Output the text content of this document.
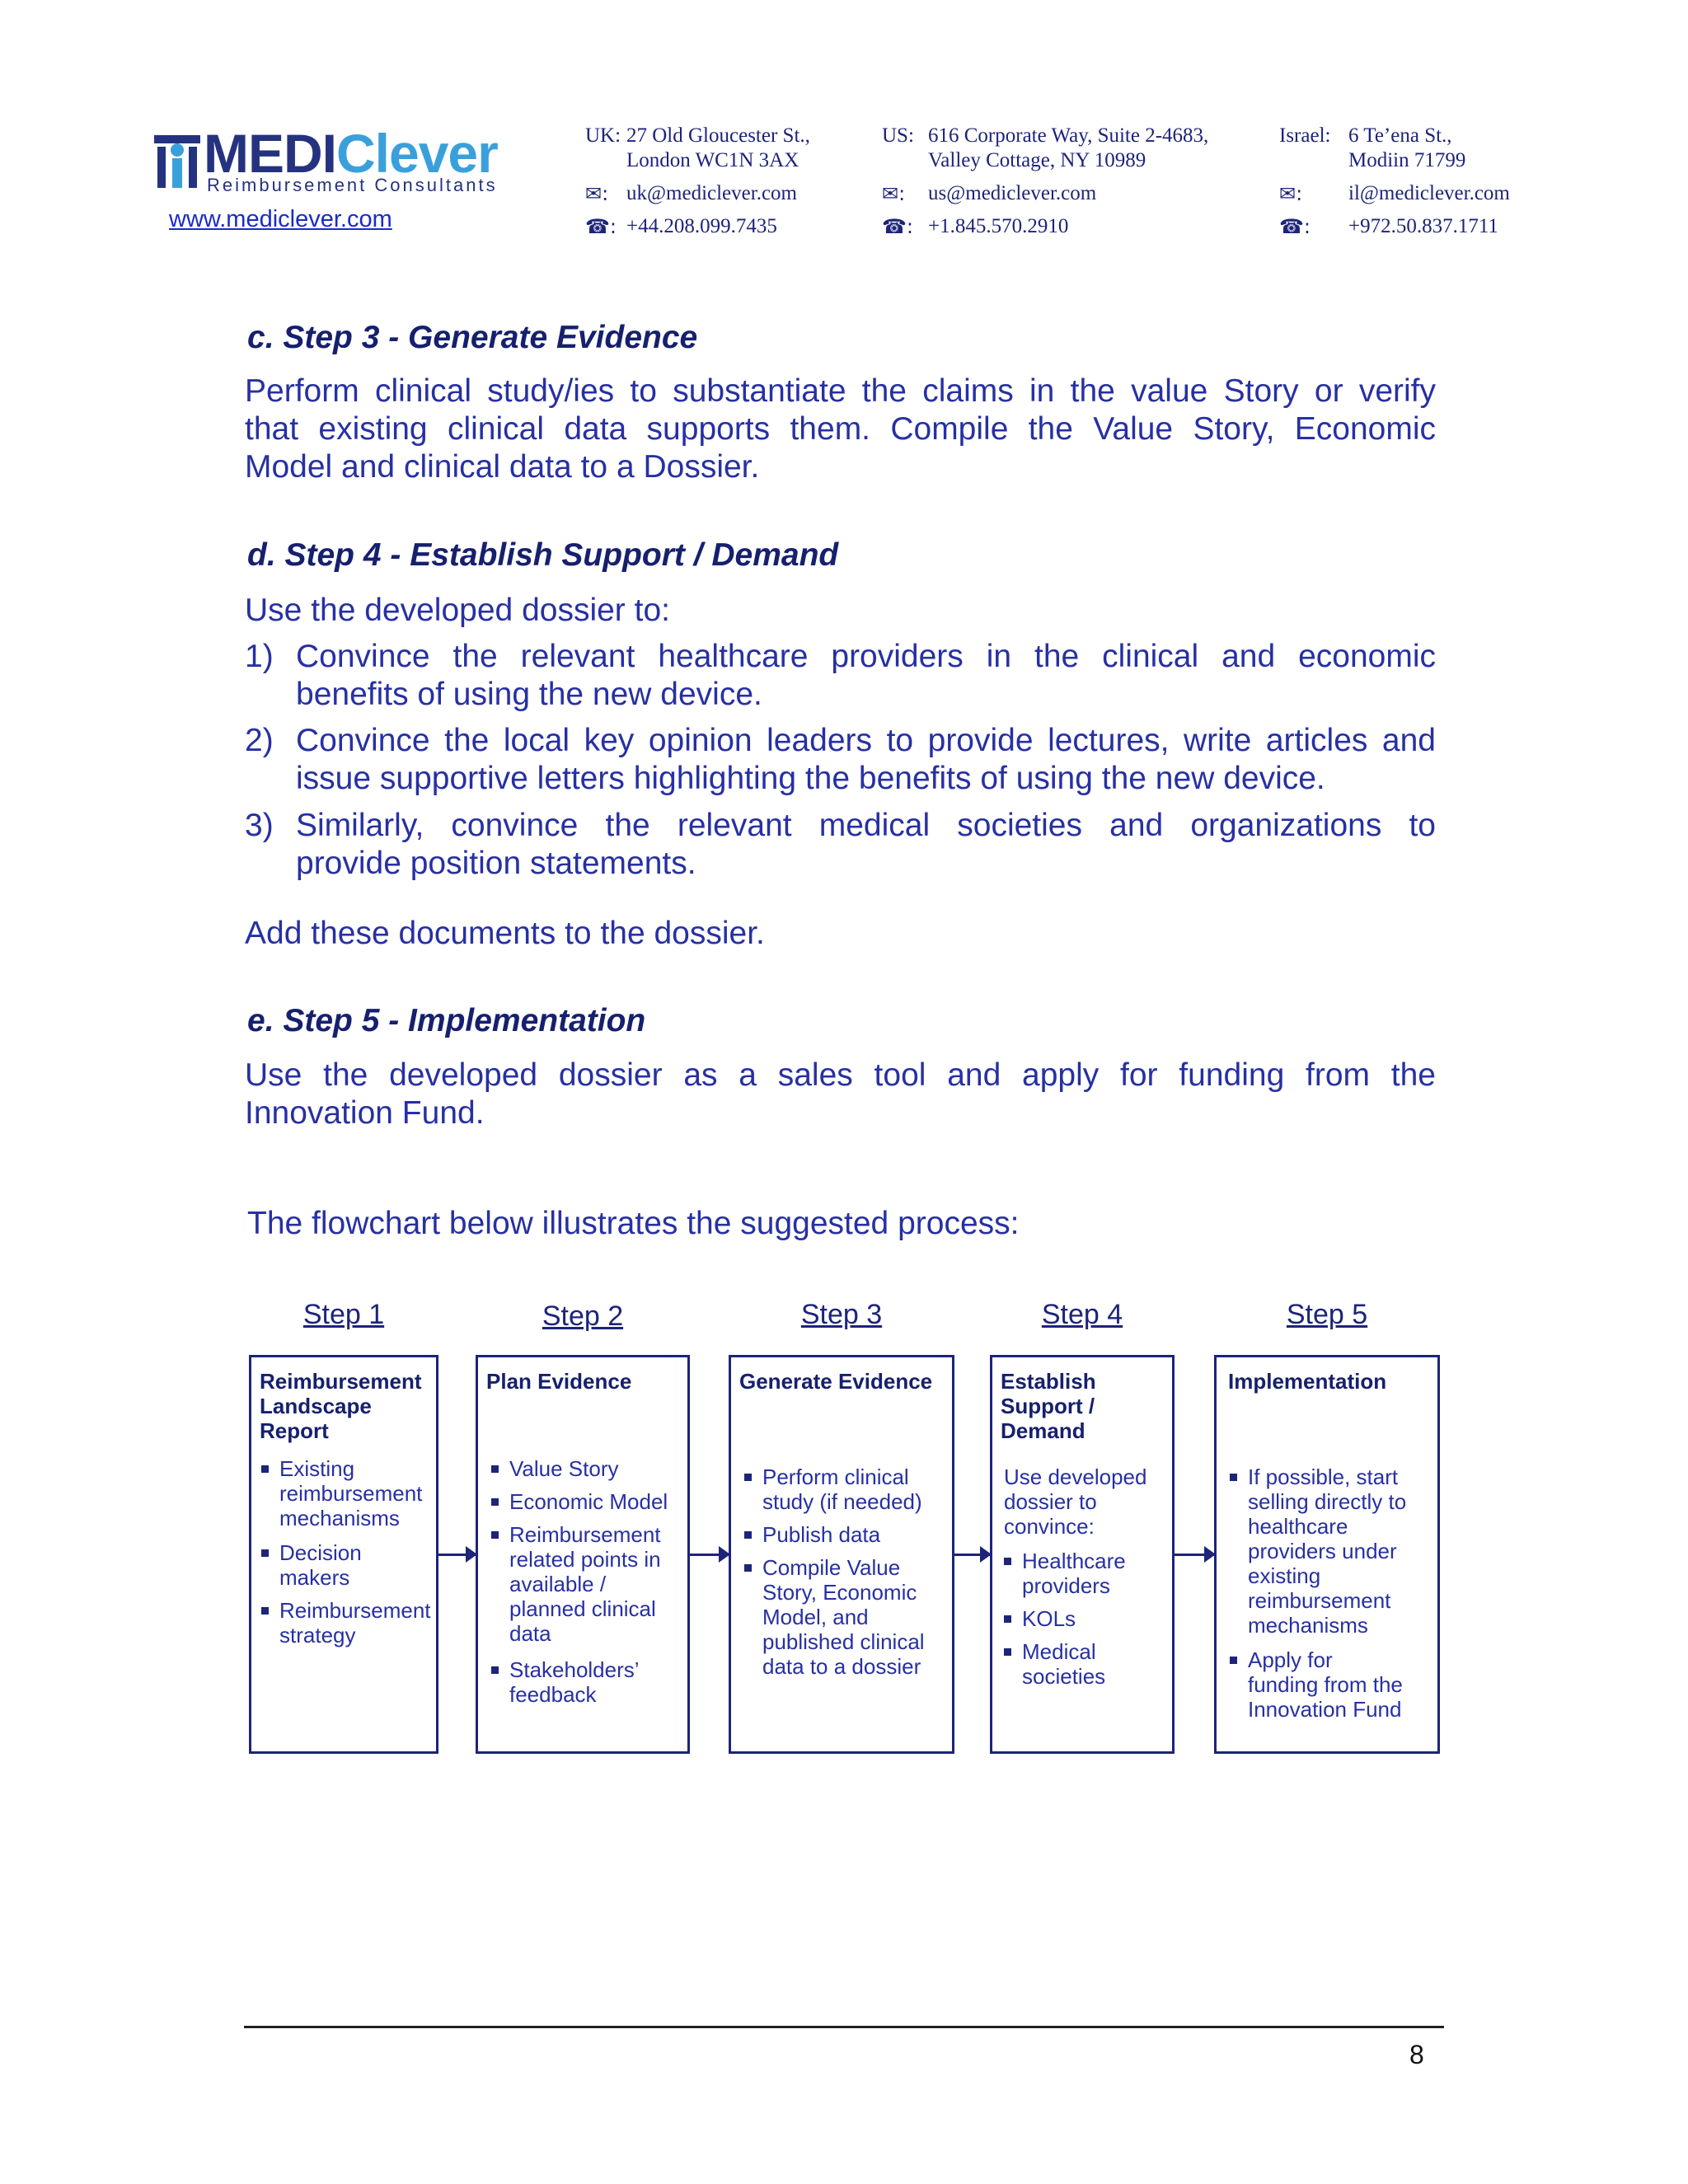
MEDIClever
Reimbursement Consultants
www.mediclever.com
UK: 27 Old Gloucester St.,
London WC1N 3AX
✉: uk@mediclever.com
☎: +44.208.099.7435
US: 616 Corporate Way, Suite 2-4683,
Valley Cottage, NY 10989
✉: us@mediclever.com
☎: +1.845.570.2910
Israel: 6 Te’ena St.,
Modiin 71799
✉: il@mediclever.com
☎: +972.50.837.1711
c. Step 3 - Generate Evidence
Perform clinical study/ies to substantiate the claims in the value Story or verify
that existing clinical data supports them. Compile the Value Story, Economic
Model and clinical data to a Dossier.
d. Step 4 - Establish Support / Demand
Use the developed dossier to:
1) Convince the relevant healthcare providers in the clinical and economic
benefits of using the new device.
2) Convince the local key opinion leaders to provide lectures, write articles and
issue supportive letters highlighting the benefits of using the new device.
3) Similarly, convince the relevant medical societies and organizations to
provide position statements.
Add these documents to the dossier.
e. Step 5 - Implementation
Use the developed dossier as a sales tool and apply for funding from the
Innovation Fund.
The flowchart below illustrates the suggested process:
Step 1	Step 2	Step 3	Step 4	Step 5
Reimbursement
Landscape
Report
Existing
reimbursement
mechanisms
Decision
makers
Reimbursement
strategy
Plan Evidence
Value Story
Economic Model
Reimbursement
related points in
available /
planned clinical
data
Stakeholders’
feedback
Generate Evidence
Perform clinical
study (if needed)
Publish data
Compile Value
Story, Economic
Model, and
published clinical
data to a dossier
Establish
Support /
Demand
Use developed
dossier to
convince:
Healthcare
providers
KOLs
Medical
societies
Implementation
If possible, start
selling directly to
healthcare
providers under
existing
reimbursement
mechanisms
Apply for
funding from the
Innovation Fund
8
